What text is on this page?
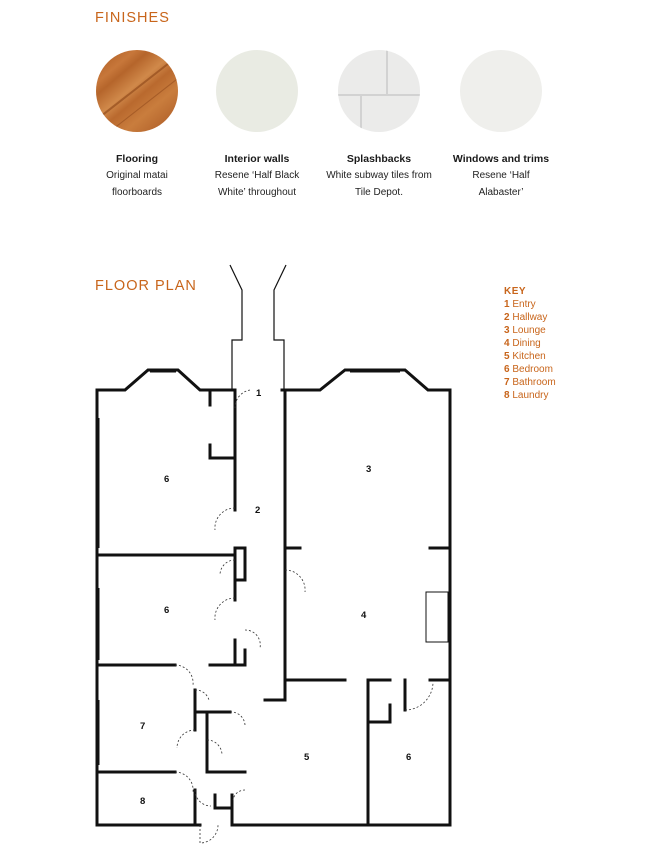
FINISHES
Flooring
Original matai floorboards
Interior walls
Resene ‘Half Black White’ throughout
Splashbacks
White subway tiles from Tile Depot.
Windows and trims
Resene ‘Half Alabaster’
FLOOR PLAN	KEY
1 Entry
2 Hallway
3 Lounge
4 Dining
5 Kitchen
6 Bedroom
7 Bathroom
8 Laundry
1
2
3
4
5
6
6
6
7
8
